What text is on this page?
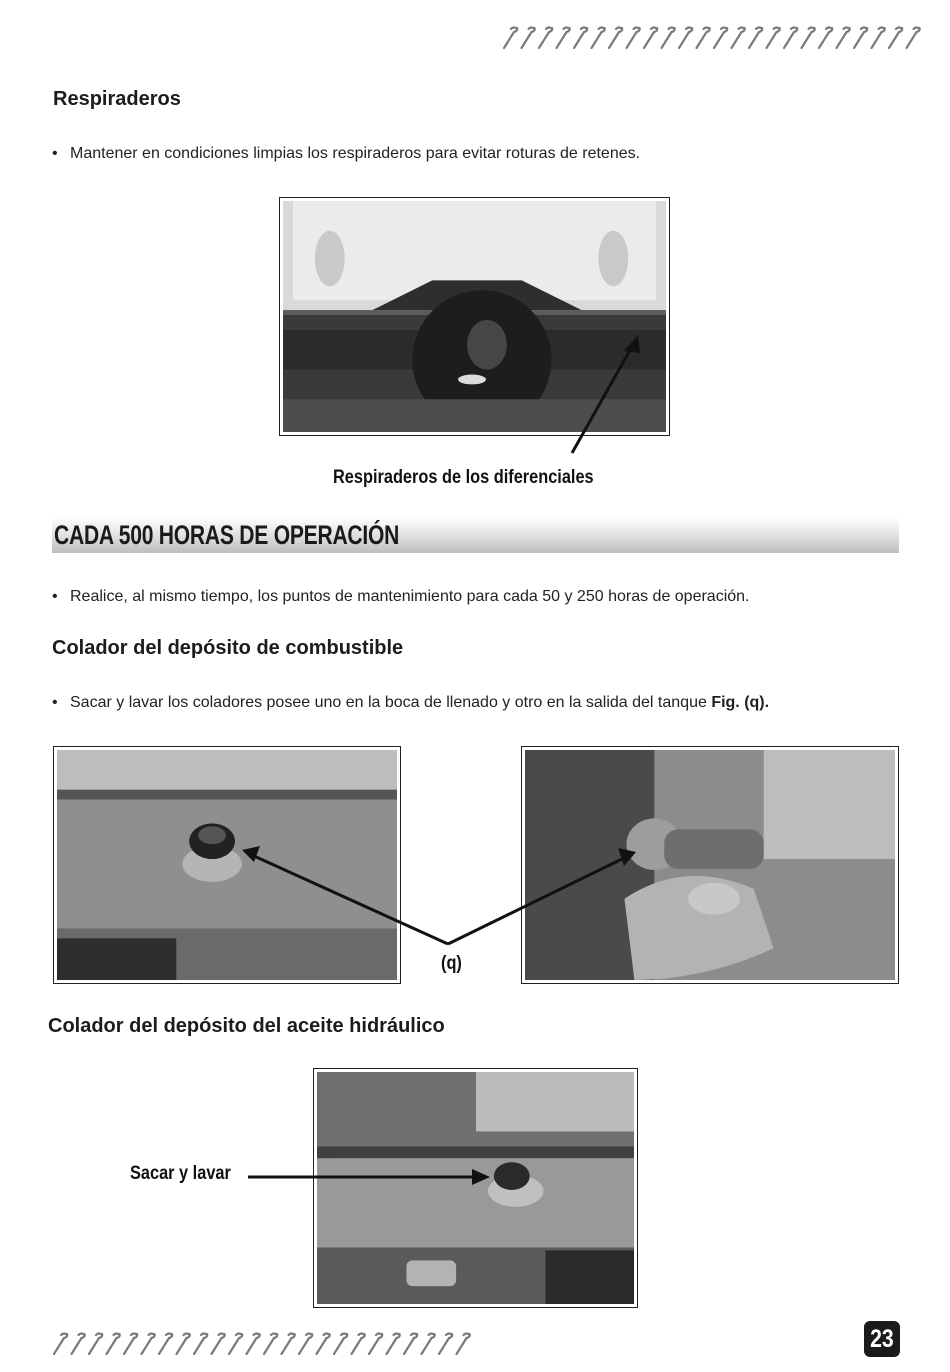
Respiraderos
• Mantener en condiciones limpias los respiraderos para evitar roturas de retenes.
Respiraderos de los diferenciales
CADA 500 HORAS DE OPERACIÓN
• Realice, al mismo tiempo, los puntos de mantenimiento para cada 50 y 250 horas de operación.
Colador del depósito de combustible
• Sacar y lavar los coladores posee uno en la boca de llenado y otro en la salida del tanque Fig. (q).
(q)
Colador del depósito del aceite hidráulico
Sacar y lavar
23
